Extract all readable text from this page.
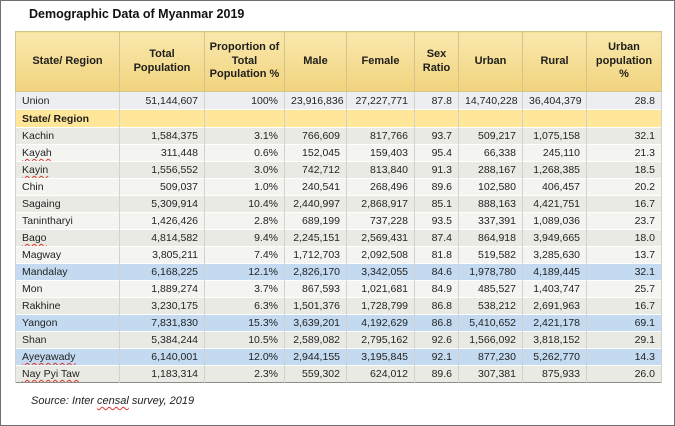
Demographic Data of Myanmar 2019
State/ Region	Total Population	Proportion of Total Population %	Male	Female	Sex Ratio	Urban	Rural	Urban population %
Union	51,144,607	100%	23,916,836	27,227,771	87.8	14,740,228	36,404,379	28.8
State/ Region								
Kachin	1,584,375	3.1%	766,609	817,766	93.7	509,217	1,075,158	32.1
Kayah	311,448	0.6%	152,045	159,403	95.4	66,338	245,110	21.3
Kayin	1,556,552	3.0%	742,712	813,840	91.3	288,167	1,268,385	18.5
Chin	509,037	1.0%	240,541	268,496	89.6	102,580	406,457	20.2
Sagaing	5,309,914	10.4%	2,440,997	2,868,917	85.1	888,163	4,421,751	16.7
Tanintharyi	1,426,426	2.8%	689,199	737,228	93.5	337,391	1,089,036	23.7
Bago	4,814,582	9.4%	2,245,151	2,569,431	87.4	864,918	3,949,665	18.0
Magway	3,805,211	7.4%	1,712,703	2,092,508	81.8	519,582	3,285,630	13.7
Mandalay	6,168,225	12.1%	2,826,170	3,342,055	84.6	1,978,780	4,189,445	32.1
Mon	1,889,274	3.7%	867,593	1,021,681	84.9	485,527	1,403,747	25.7
Rakhine	3,230,175	6.3%	1,501,376	1,728,799	86.8	538,212	2,691,963	16.7
Yangon	7,831,830	15.3%	3,639,201	4,192,629	86.8	5,410,652	2,421,178	69.1
Shan	5,384,244	10.5%	2,589,082	2,795,162	92.6	1,566,092	3,818,152	29.1
Ayeyawady	6,140,001	12.0%	2,944,155	3,195,845	92.1	877,230	5,262,770	14.3
Nay Pyi Taw	1,183,314	2.3%	559,302	624,012	89.6	307,381	875,933	26.0
Source: Inter censal survey, 2019
